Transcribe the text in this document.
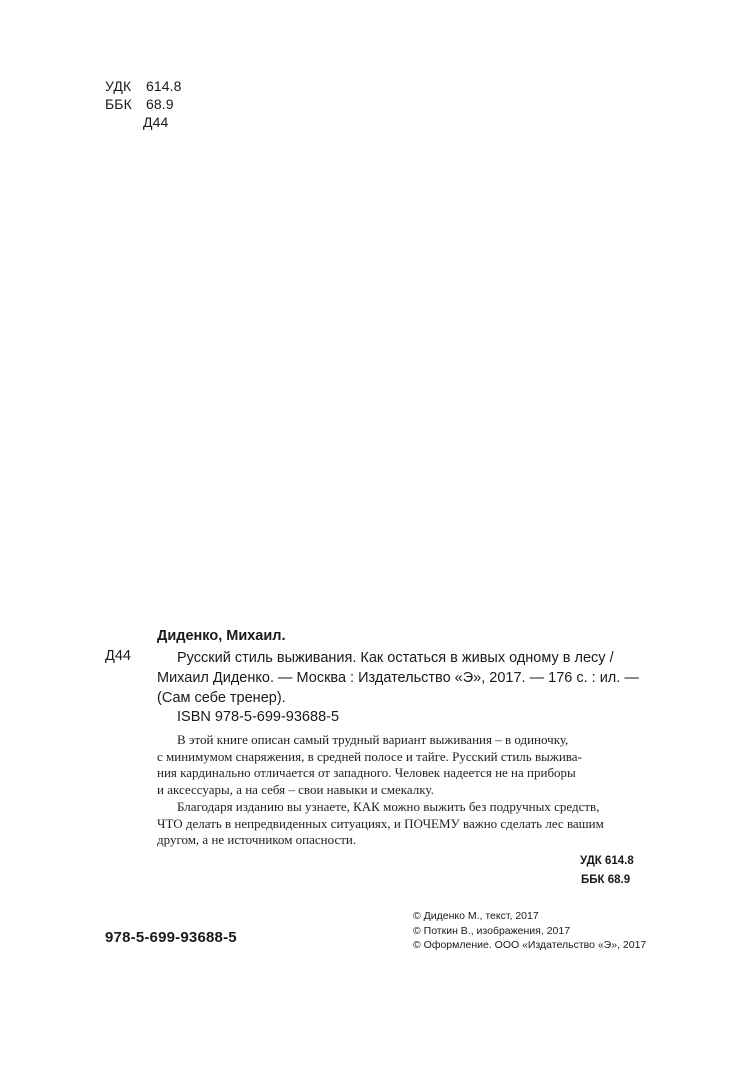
УДК 614.8
ББК 68.9
Д44
Диденко, Михаил.
Д44	Русский стиль выживания. Как остаться в живых одному в лесу /
Михаил Диденко. — Москва : Издательство «Э», 2017. — 176 с. : ил. —
(Сам себе тренер).
ISBN 978-5-699-93688-5

В этой книге описан самый трудный вариант выживания – в одиночку,
с минимумом снаряжения, в средней полосе и тайге. Русский стиль выжива-
ния кардинально отличается от западного. Человек надеется не на приборы
и аксессуары, а на себя – свои навыки и смекалку.

Благодаря изданию вы узнаете, КАК можно выжить без подручных средств,
ЧТО делать в непредвиденных ситуациях, и ПОЧЕМУ важно сделать лес вашим
другом, а не источником опасности.

УДК 614.8
ББК 68.9
© Диденко М., текст, 2017
© Поткин В., изображения, 2017
© Оформление. ООО «Издательство «Э», 2017
978-5-699-93688-5
